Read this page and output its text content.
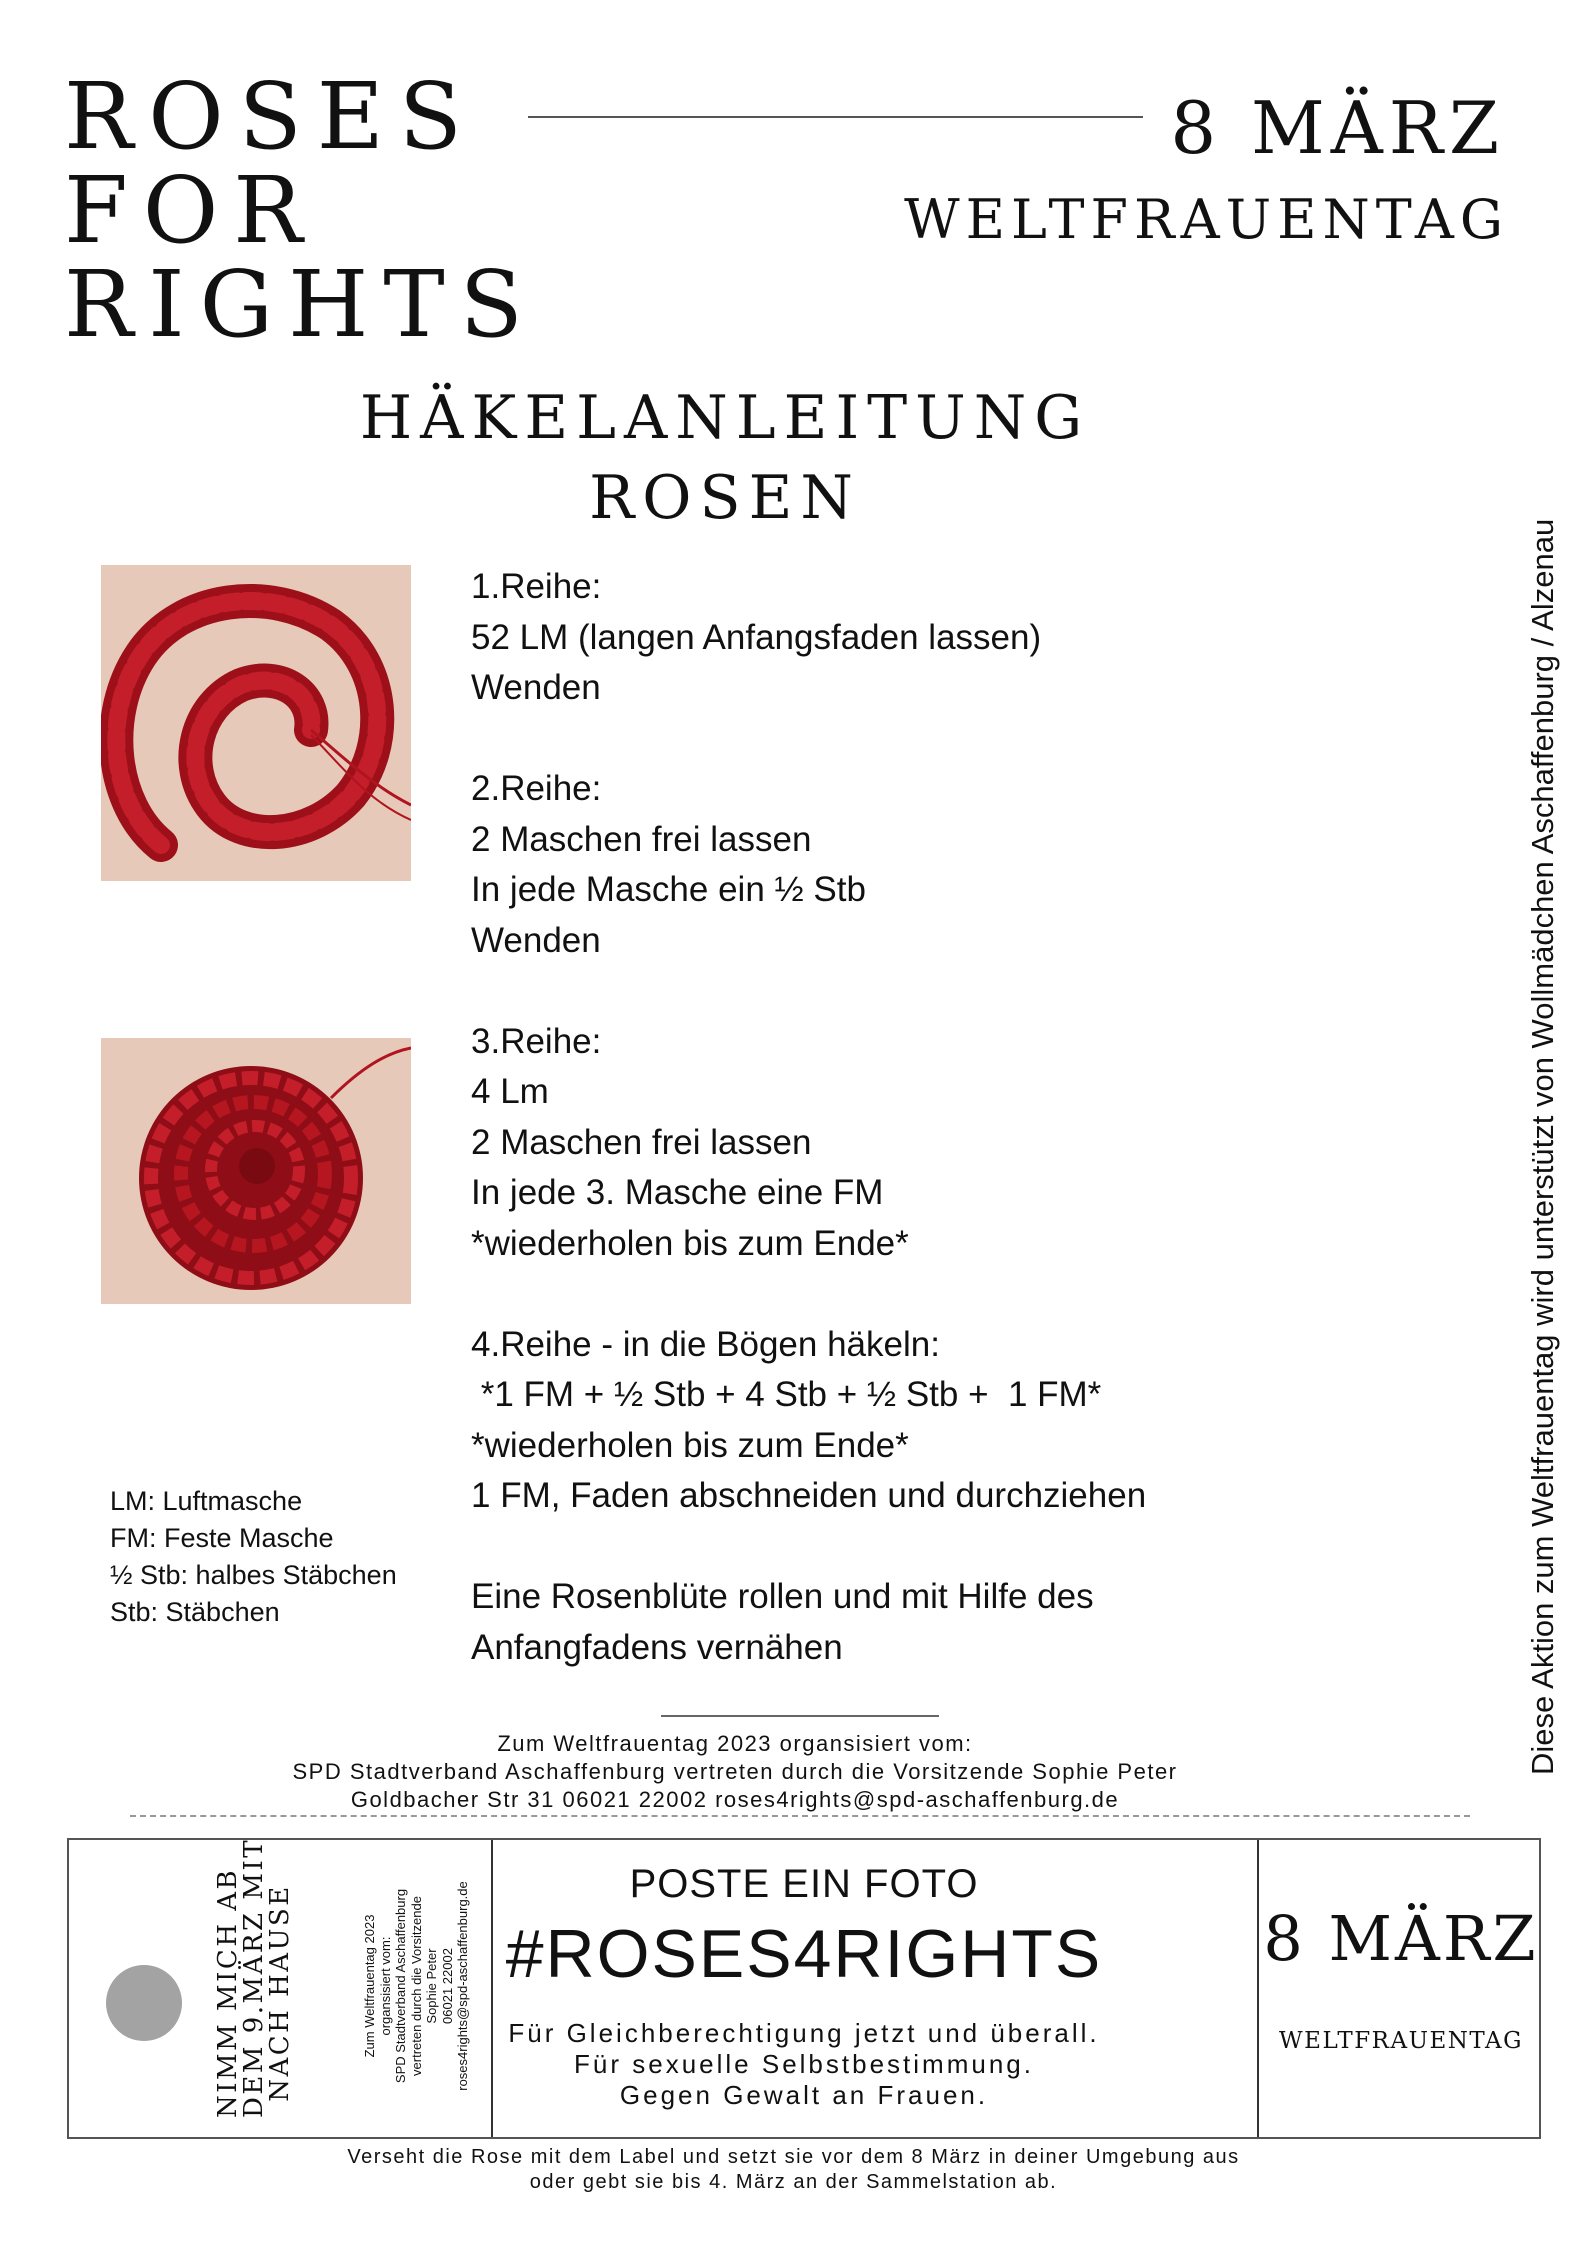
ROSES
FOR
RIGHTS
8 MÄRZ
WELTFRAUENTAG
HÄKELANLEITUNG
ROSEN
1.Reihe:
52 LM (langen Anfangsfaden lassen)
Wenden
2.Reihe:
2 Maschen frei lassen
In jede Masche ein ½ Stb
Wenden
3.Reihe:
4 Lm
2 Maschen frei lassen
In jede 3. Masche eine FM
*wiederholen bis zum Ende*
4.Reihe - in die Bögen häkeln:
*1 FM + ½ Stb + 4 Stb + ½ Stb +  1 FM*
*wiederholen bis zum Ende*
1 FM, Faden abschneiden und durchziehen
Eine Rosenblüte rollen und mit Hilfe des
Anfangfadens vernähen
LM: Luftmasche
FM: Feste Masche
½ Stb: halbes Stäbchen
Stb: Stäbchen	Diese Aktion zum Weltfrauentag wird unterstützt von Wollmädchen Aschaffenburg / Alzenau
Zum Weltfrauentag 2023 organsisiert vom:
SPD Stadtverband Aschaffenburg vertreten durch die Vorsitzende Sophie Peter
Goldbacher Str 31 06021 22002 roses4rights@spd-aschaffenburg.de
NIMM MICH AB
DEM 9.MÄRZ MIT
NACH HAUSE	Zum Weltfrauentag 2023 organsisiert vom: SPD Stadtverband Aschaffenburg vertreten durch die Vorsitzende Sophie Peter 06021 22002 roses4rights@spd-aschaffenburg.de	POSTE EIN FOTO
#ROSES4RIGHTS
Für Gleichberechtigung jetzt und überall.
Für sexuelle Selbstbestimmung.
Gegen Gewalt an Frauen.
8 MÄRZ
WELTFRAUENTAG
Verseht die Rose mit dem Label und setzt sie vor dem 8 März in deiner Umgebung aus
oder gebt sie bis 4. März an der Sammelstation ab.
